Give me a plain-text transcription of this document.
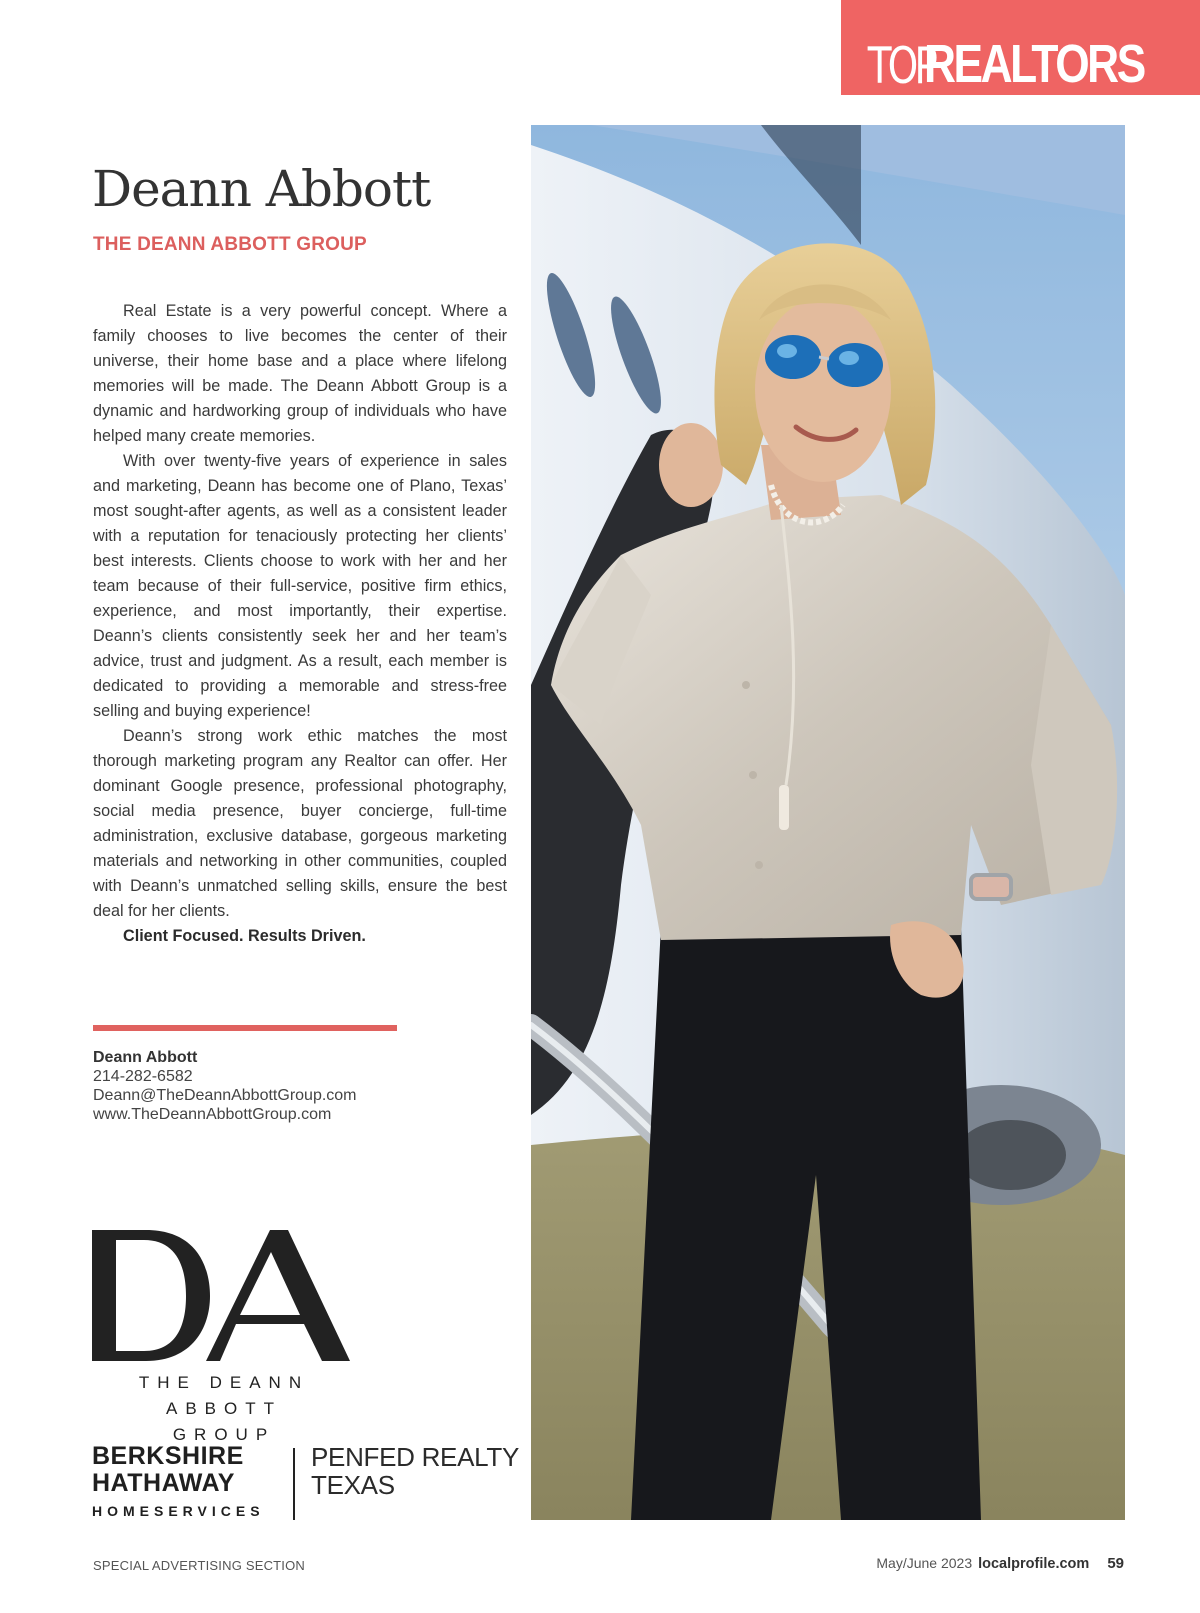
TOP
REALTORS
Deann Abbott
THE DEANN ABBOTT GROUP

Real Estate is a very powerful concept. Where a family chooses to live becomes the center of their universe, their home base and a place where lifelong memories will be made. The Deann Abbott Group is a dynamic and hardworking group of individuals who have helped many create memories.

With over twenty-five years of experience in sales and marketing, Deann has become one of Plano, Texas’ most sought-after agents, as well as a consistent leader with a reputation for tenaciously protecting her clients’ best interests. Clients choose to work with her and her team because of their full-service, positive firm ethics, experience, and most importantly, their expertise. Deann’s clients consistently seek her and her team’s advice, trust and judgment. As a result, each member is dedicated to providing a memorable and stress-free selling and buying experience!

Deann’s strong work ethic matches the most thorough marketing program any Realtor can offer. Her dominant Google presence, professional photography, social media presence, buyer concierge, full-time administration, exclusive database, gorgeous marketing materials and networking in other communities, coupled with Deann’s unmatched selling skills, ensure the best deal for her clients.

Client Focused. Results Driven.

Deann Abbott
214-282-6582
Deann@TheDeannAbbottGroup.com
www.TheDeannAbbottGroup.com
THE DEANN ABBOTT
GROUP
BERKSHIRE
HATHAWAY
HOMESERVICES
PENFED REALTY
TEXAS
SPECIAL ADVERTISING SECTION	May/June 2023 localprofile.com 59
